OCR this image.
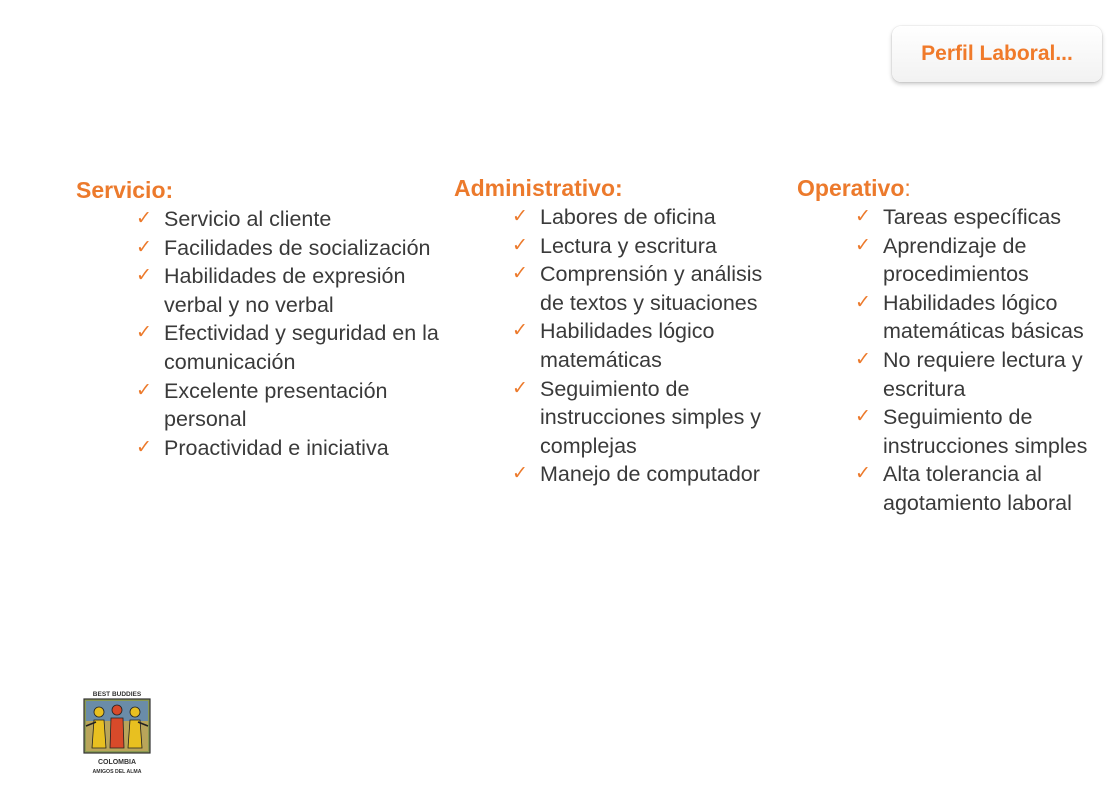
Perfil Laboral...
Servicio:
✓ Servicio al cliente
✓ Facilidades de socialización
✓ Habilidades de expresión verbal y no verbal
✓ Efectividad y seguridad en la comunicación
✓ Excelente presentación personal
✓ Proactividad e iniciativa
Administrativo:
✓ Labores de oficina
✓ Lectura y escritura
✓ Comprensión y análisis de textos y situaciones
✓ Habilidades lógico matemáticas
✓ Seguimiento de instrucciones simples y complejas
✓ Manejo de computador
Operativo:
✓ Tareas específicas
✓ Aprendizaje de procedimientos
✓ Habilidades lógico matemáticas básicas
✓ No requiere lectura y escritura
✓ Seguimiento de instrucciones simples
✓ Alta tolerancia al agotamiento laboral
BEST BUDDIES
COLOMBIA
AMIGOS DEL ALMA
